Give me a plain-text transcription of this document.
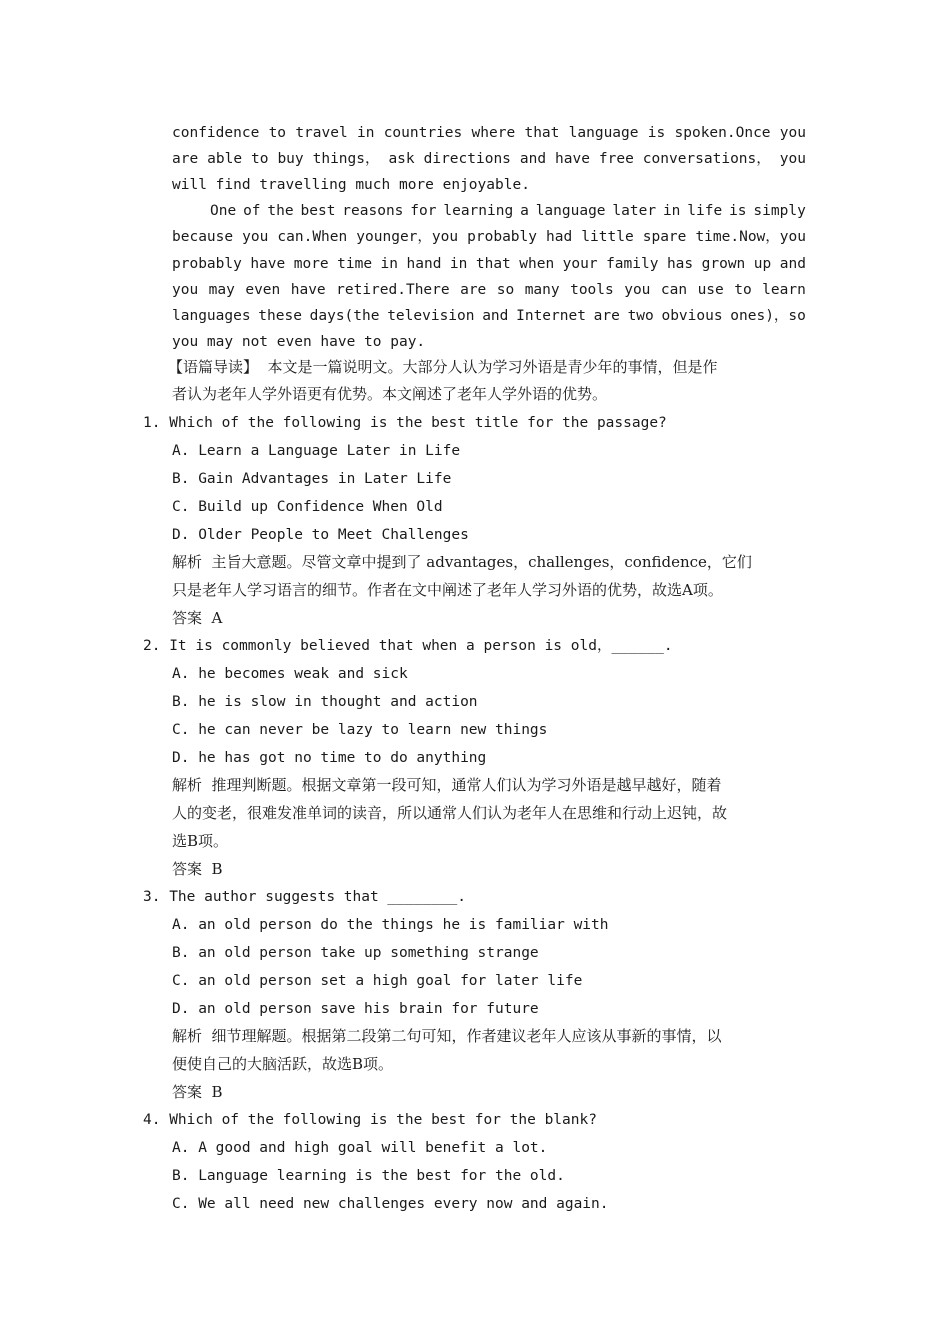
confidence to travel in countries where that language is spoken.Once you
are able to buy things， ask directions and have free conversations， you
will find travelling much more enjoyable.
One of the best reasons for learning a language later in life is simply
because you can.When younger，you probably had little spare time.Now，you
probably have more time in hand in that when your family has grown up and
you may even have retired.There are so many tools you can use to learn
languages these days(the television and Internet are two obvious ones)，so
you may not even have to pay.
【语篇导读】  本文是一篇说明文。大部分人认为学习外语是青少年的事情，但是作
者认为老年人学外语更有优势。本文阐述了老年人学外语的优势。
1. Which of the following is the best title for the passage?
A. Learn a Language Later in Life
B. Gain Advantages in Later Life
C. Build up Confidence When Old
D. Older People to Meet Challenges
解析  主旨大意题。尽管文章中提到了 advantages，challenges，confidence，它们
只是老年人学习语言的细节。作者在文中阐述了老年人学习外语的优势，故选A项。
答案  A
2. It is commonly believed that when a person is old，______.
A. he becomes weak and sick
B. he is slow in thought and action
C. he can never be lazy to learn new things
D. he has got no time to do anything
解析  推理判断题。根据文章第一段可知，通常人们认为学习外语是越早越好，随着
人的变老，很难发准单词的读音，所以通常人们认为老年人在思维和行动上迟钝，故
选B项。
答案  B
3. The author suggests that ________.
A. an old person do the things he is familiar with
B. an old person take up something strange
C. an old person set a high goal for later life
D. an old person save his brain for future
解析  细节理解题。根据第二段第二句可知，作者建议老年人应该从事新的事情，以
便使自己的大脑活跃，故选B项。
答案  B
4. Which of the following is the best for the blank?
A. A good and high goal will benefit a lot.
B. Language learning is the best for the old.
C. We all need new challenges every now and again.
